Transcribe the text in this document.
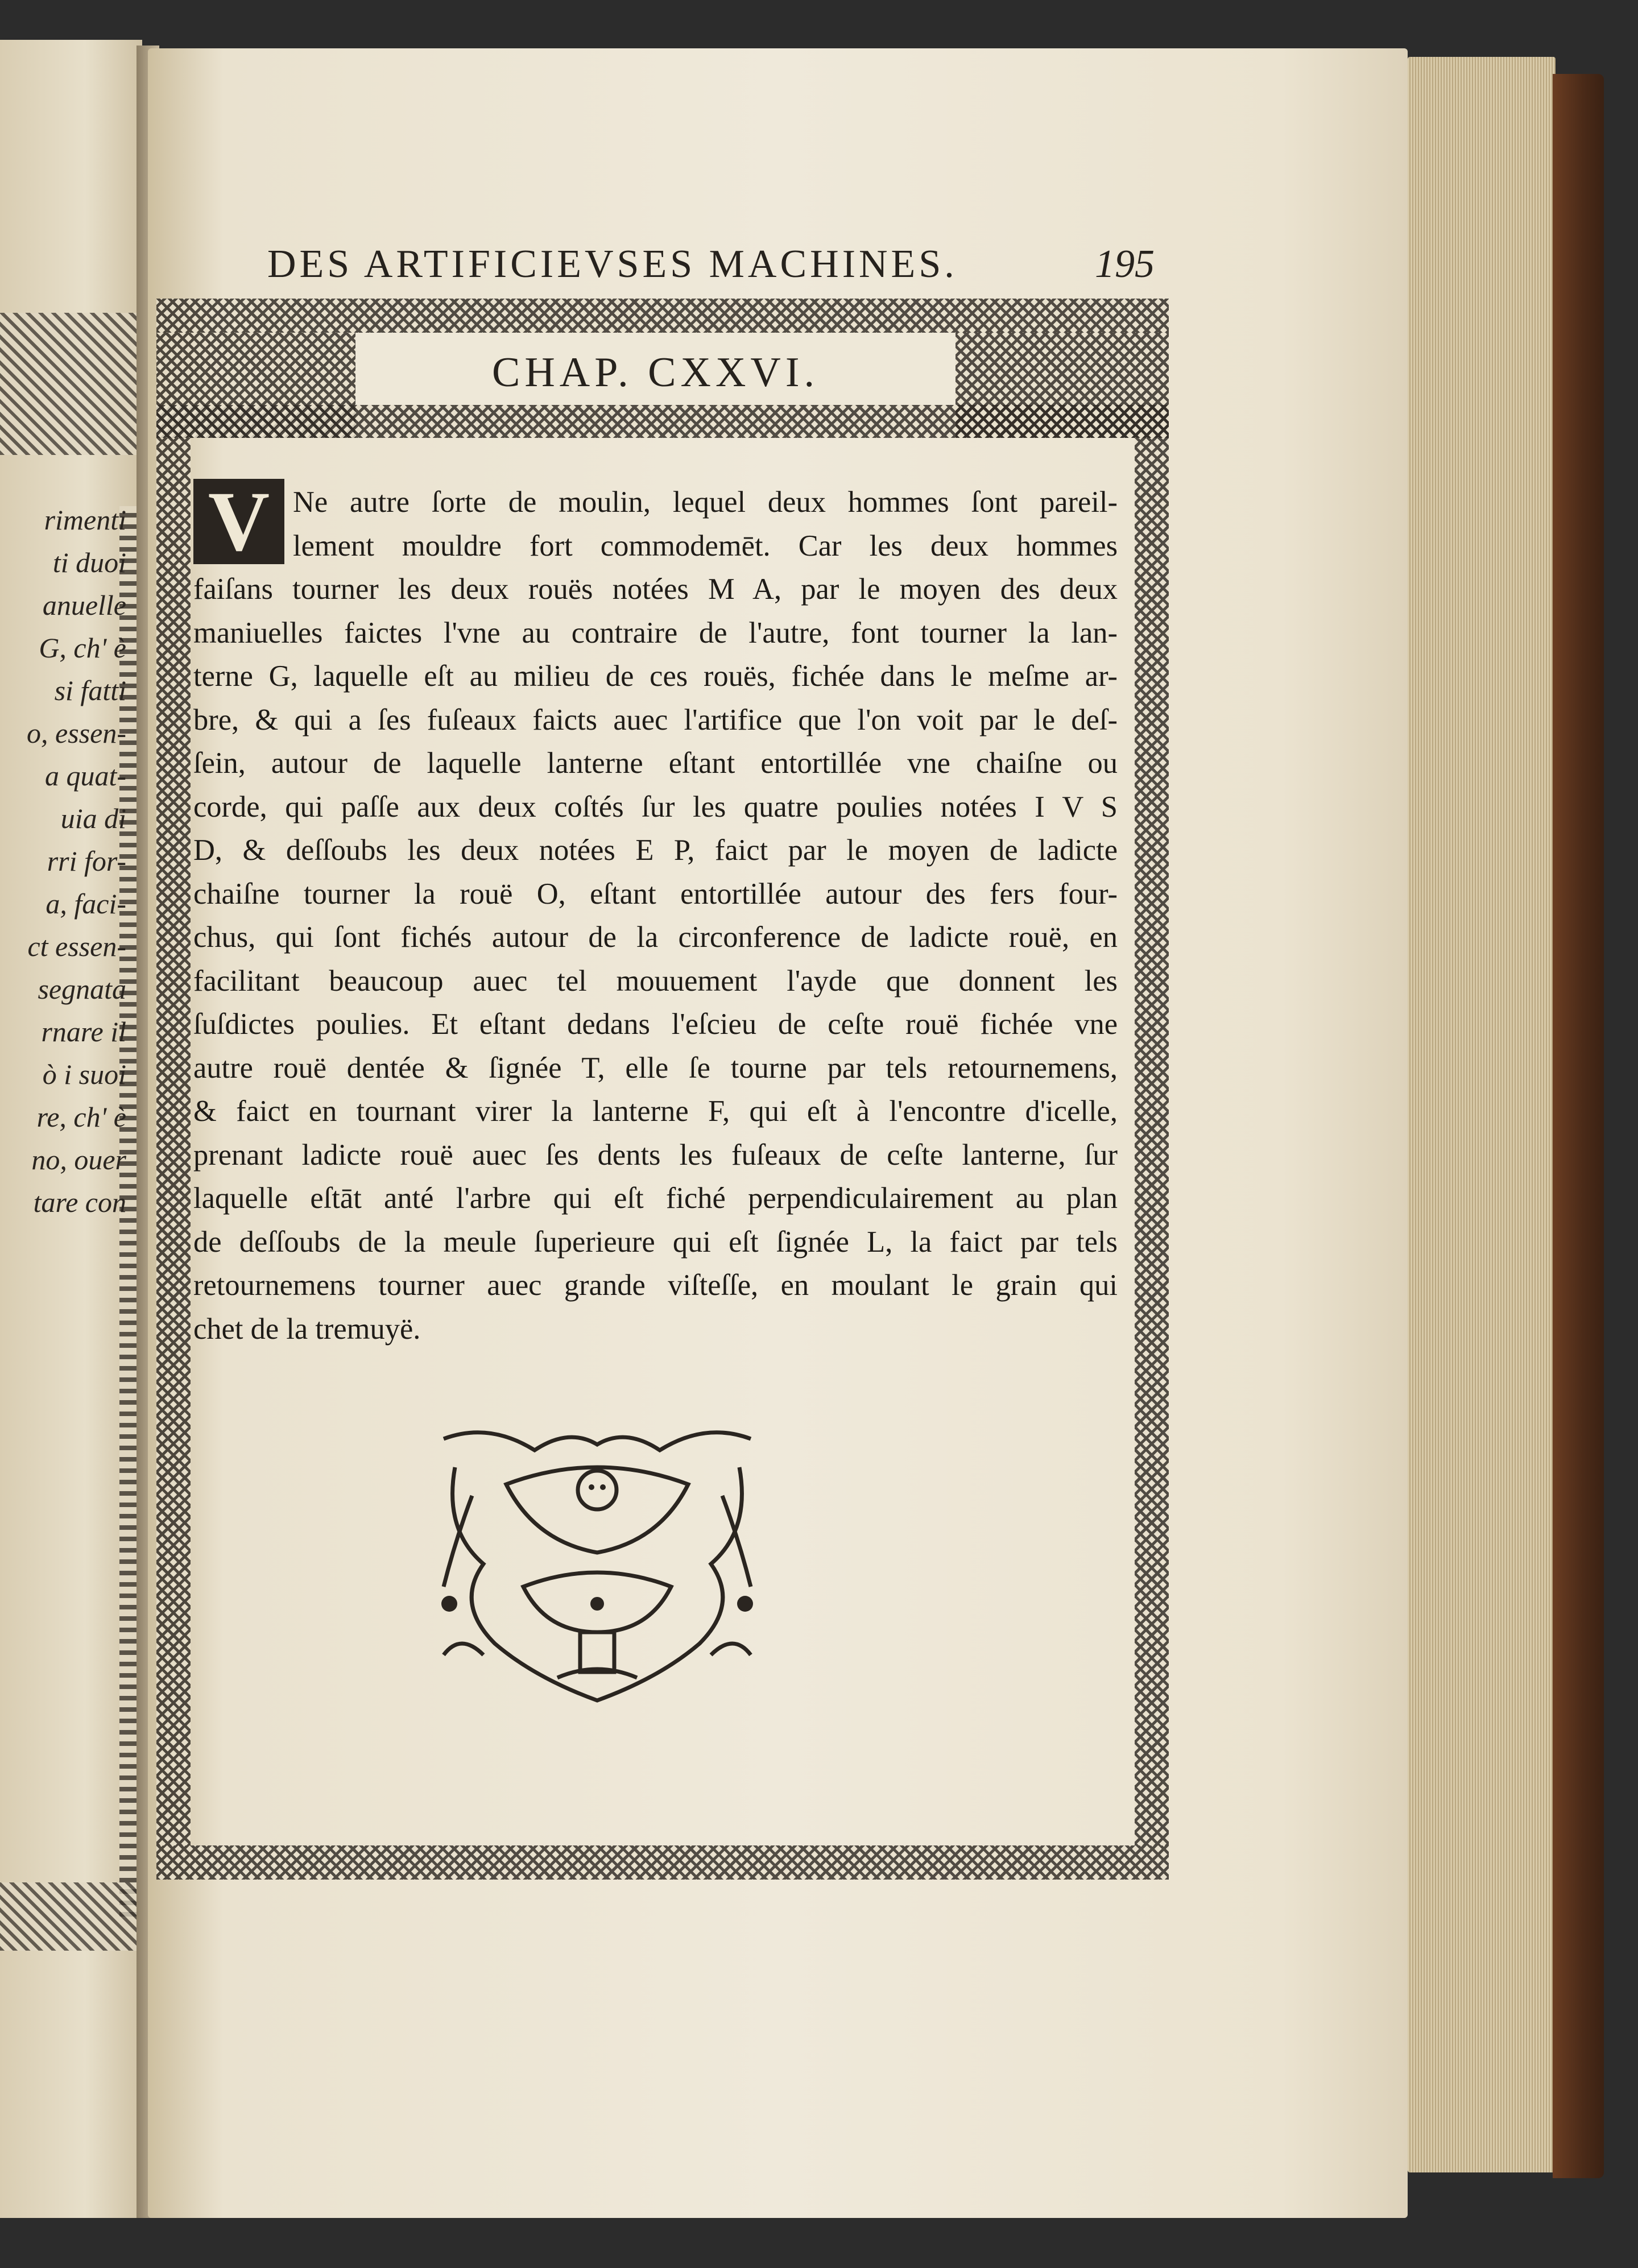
rimenti
ti duoi
anuelle
G, ch' è
si fatti
o, essen-
a quat-
uia di
rri for-
a, faci-
ct essen-
segnata
rnare il
ò i suoi
re, ch' è
no, ouer
tare con
DES ARTIFICIEVSES MACHINES.	195
CHAP. CXXVI.
Ne autre ſorte de moulin, lequel deux hommes ſont pareil-
lement mouldre fort commodemēt. Car les deux hommes
faiſans tourner les deux rouës notées M A, par le moyen des deux
maniuelles faictes l'vne au contraire de l'autre, font tourner la lan-
terne G, laquelle eſt au milieu de ces rouës, fichée dans le meſme ar-
bre, & qui a ſes fuſeaux faicts auec l'artifice que l'on voit par le deſ-
ſein, autour de laquelle lanterne eſtant entortillée vne chaiſne ou
corde, qui paſſe aux deux coſtés ſur les quatre poulies notées I V S
D, & deſſoubs les deux notées E P, faict par le moyen de ladicte
chaiſne tourner la rouë O, eſtant entortillée autour des fers four-
chus, qui ſont fichés autour de la circonference de ladicte rouë, en
facilitant beaucoup auec tel mouuement l'ayde que donnent les
ſuſdictes poulies. Et eſtant dedans l'eſcieu de ceſte rouë fichée vne
autre rouë dentée & ſignée T, elle ſe tourne par tels retournemens,
& faict en tournant virer la lanterne F, qui eſt à l'encontre d'icelle,
prenant ladicte rouë auec ſes dents les fuſeaux de ceſte lanterne, ſur
laquelle eſtāt anté l'arbre qui eſt fiché perpendiculairement au plan
de deſſoubs de la meule ſuperieure qui eſt ſignée L, la faict par tels
retournemens tourner auec grande viſteſſe, en moulant le grain qui
chet de la tremuyë.
V
